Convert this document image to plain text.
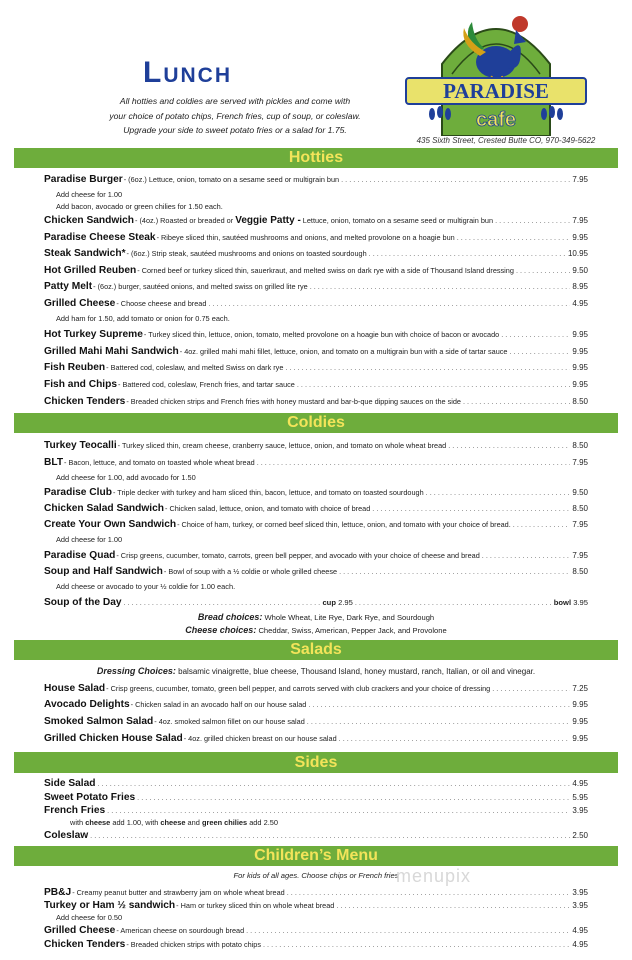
Lunch
All hotties and coldies are served with pickles and come with
your choice of potato chips, French fries, cup of soup, or coleslaw.
Upgrade your side to sweet potato fries or a salad for 1.75.
PARADISE
cafe
435 Sixth Street, Crested Butte CO, 970-349-5622
Hotties
Paradise Burger - (6oz.) Lettuce, onion, tomato on a sesame seed or multigrain bun . . .	7.95
Add cheese for 1.00
Add bacon, avocado or green chilies for 1.50 each.
Chicken Sandwich - (4oz.) Roasted or breaded or Veggie Patty - Lettuce, onion, tomato on a sesame seed or multigrain bun . . .	7.95
Paradise Cheese Steak - Ribeye sliced thin, sautéed mushrooms and onions, and melted provolone on a hoagie bun . . .	9.95
Steak Sandwich* - (6oz.) Strip steak, sautéed mushrooms and onions on toasted sourdough . . .	10.95
Hot Grilled Reuben - Corned beef or turkey sliced thin, sauerkraut, and melted swiss on dark rye with a side of Thousand Island dressing . . .	9.50
Patty Melt - (6oz.) burger, sautéed onions, and melted swiss on grilled lite rye . . .	8.95
Grilled Cheese - Choose cheese and bread . . .	4.95
Add ham for 1.50, add tomato or onion for 0.75 each.
Hot Turkey Supreme - Turkey sliced thin, lettuce, onion, tomato, melted provolone on a hoagie bun with choice of bacon or avocado . . .	9.95
Grilled Mahi Mahi Sandwich - 4oz. grilled mahi mahi fillet, lettuce, onion, and tomato on a multigrain bun with a side of tartar sauce . . .	9.95
Fish Reuben - Battered cod, coleslaw, and melted Swiss on dark rye . . .	9.95
Fish and Chips - Battered cod, coleslaw, French fries, and tartar sauce . . .	9.95
Chicken Tenders - Breaded chicken strips and French fries with honey mustard and bar-b-que dipping sauces on the side . . .	8.50
Coldies
Turkey Teocalli - Turkey sliced thin, cream cheese, cranberry sauce, lettuce, onion, and tomato on whole wheat bread . . .	8.50
BLT - Bacon, lettuce, and tomato on toasted whole wheat bread . . .	7.95
Add cheese for 1.00, add avocado for 1.50
Paradise Club - Triple decker with turkey and ham sliced thin, bacon, lettuce, and tomato on toasted sourdough . . .	9.50
Chicken Salad Sandwich - Chicken salad, lettuce, onion, and tomato with choice of bread . . .	8.50
Create Your Own Sandwich - Choice of ham, turkey, or corned beef sliced thin, lettuce, onion, and tomato with your choice of bread. . . .	7.95
Add cheese for 1.00
Paradise Quad - Crisp greens, cucumber, tomato, carrots, green bell pepper, and avocado with your choice of cheese and bread . . .	7.95
Soup and Half Sandwich - Bowl of soup with a ½ coldie or whole grilled cheese . . .	8.50
Add cheese or avocado to your ½ coldie for 1.00 each.
Soup of the Day . . .	cup 2.95 . . .	bowl 3.95
Bread choices: Whole Wheat, Lite Rye, Dark Rye, and Sourdough
Cheese choices: Cheddar, Swiss, American, Pepper Jack, and Provolone
Salads
Dressing Choices: balsamic vinaigrette, blue cheese, Thousand Island, honey mustard, ranch, Italian, or oil and vinegar.
House Salad - Crisp greens, cucumber, tomato, green bell pepper, and carrots served with club crackers and your choice of dressing . . .	7.25
Avocado Delights - Chicken salad in an avocado half on our house salad . . .	9.95
Smoked Salmon Salad - 4oz. smoked salmon fillet on our house salad . . .	9.95
Grilled Chicken House Salad - 4oz. grilled chicken breast on our house salad . . .	9.95
Sides
Side Salad . . .	4.95
Sweet Potato Fries . . .	5.95
French Fries . . .	3.95
with cheese add 1.00, with cheese and green chilies add 2.50
Coleslaw . . .	2.50
Children’s Menu
For kids of all ages. Choose chips or French fries
menupix
PB&J - Creamy peanut butter and strawberry jam on whole wheat bread . . .	3.95
Turkey or Ham ½ sandwich - Ham or turkey sliced thin on whole wheat bread . . .	3.95
Add cheese for 0.50
Grilled Cheese - American cheese on sourdough bread . . .	4.95
Chicken Tenders - Breaded chicken strips with potato chips . . .	4.95
